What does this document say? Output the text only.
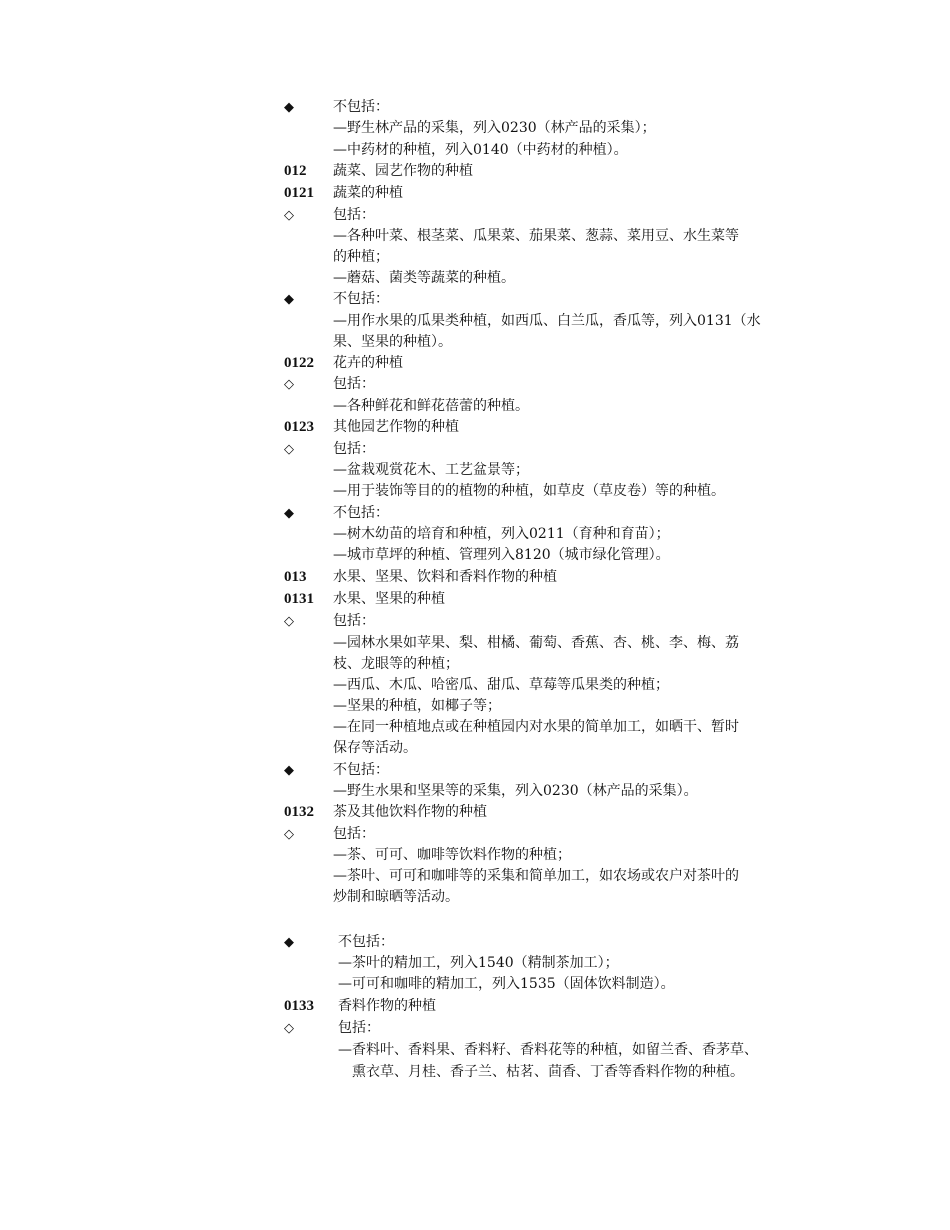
◆	不包括：
—野生林产品的采集，列入0230（林产品的采集）；
—中药材的种植，列入0140（中药材的种植）。
012	蔬菜、园艺作物的种植
0121	蔬菜的种植
◇	包括：
—各种叶菜、根茎菜、瓜果菜、茄果菜、葱蒜、菜用豆、水生菜等
的种植；
—蘑菇、菌类等蔬菜的种植。
◆	不包括：
—用作水果的瓜果类种植，如西瓜、白兰瓜，香瓜等，列入0131（水
果、坚果的种植）。
0122	花卉的种植
◇	包括：
—各种鲜花和鲜花蓓蕾的种植。
0123	其他园艺作物的种植
◇	包括：
—盆栽观赏花木、工艺盆景等；
—用于装饰等目的的植物的种植，如草皮（草皮卷）等的种植。
◆	不包括：
—树木幼苗的培育和种植，列入0211（育种和育苗）；
—城市草坪的种植、管理列入8120（城市绿化管理）。
013	水果、坚果、饮料和香料作物的种植
0131	水果、坚果的种植
◇	包括：
—园林水果如苹果、梨、柑橘、葡萄、香蕉、杏、桃、李、梅、荔
枝、龙眼等的种植；
—西瓜、木瓜、哈密瓜、甜瓜、草莓等瓜果类的种植；
—坚果的种植，如椰子等；
—在同一种植地点或在种植园内对水果的简单加工，如晒干、暂时
保存等活动。
◆	不包括：
—野生水果和坚果等的采集，列入0230（林产品的采集）。
0132	茶及其他饮料作物的种植
◇	包括：
—茶、可可、咖啡等饮料作物的种植；
—茶叶、可可和咖啡等的采集和简单加工，如农场或农户对茶叶的
炒制和晾晒等活动。
◆	不包括：
—茶叶的精加工，列入1540（精制茶加工）；
—可可和咖啡的精加工，列入1535（固体饮料制造）。
0133	香料作物的种植
◇	包括：
—香料叶、香料果、香料籽、香料花等的种植，如留兰香、香茅草、
熏衣草、月桂、香子兰、枯茗、茴香、丁香等香料作物的种植。
